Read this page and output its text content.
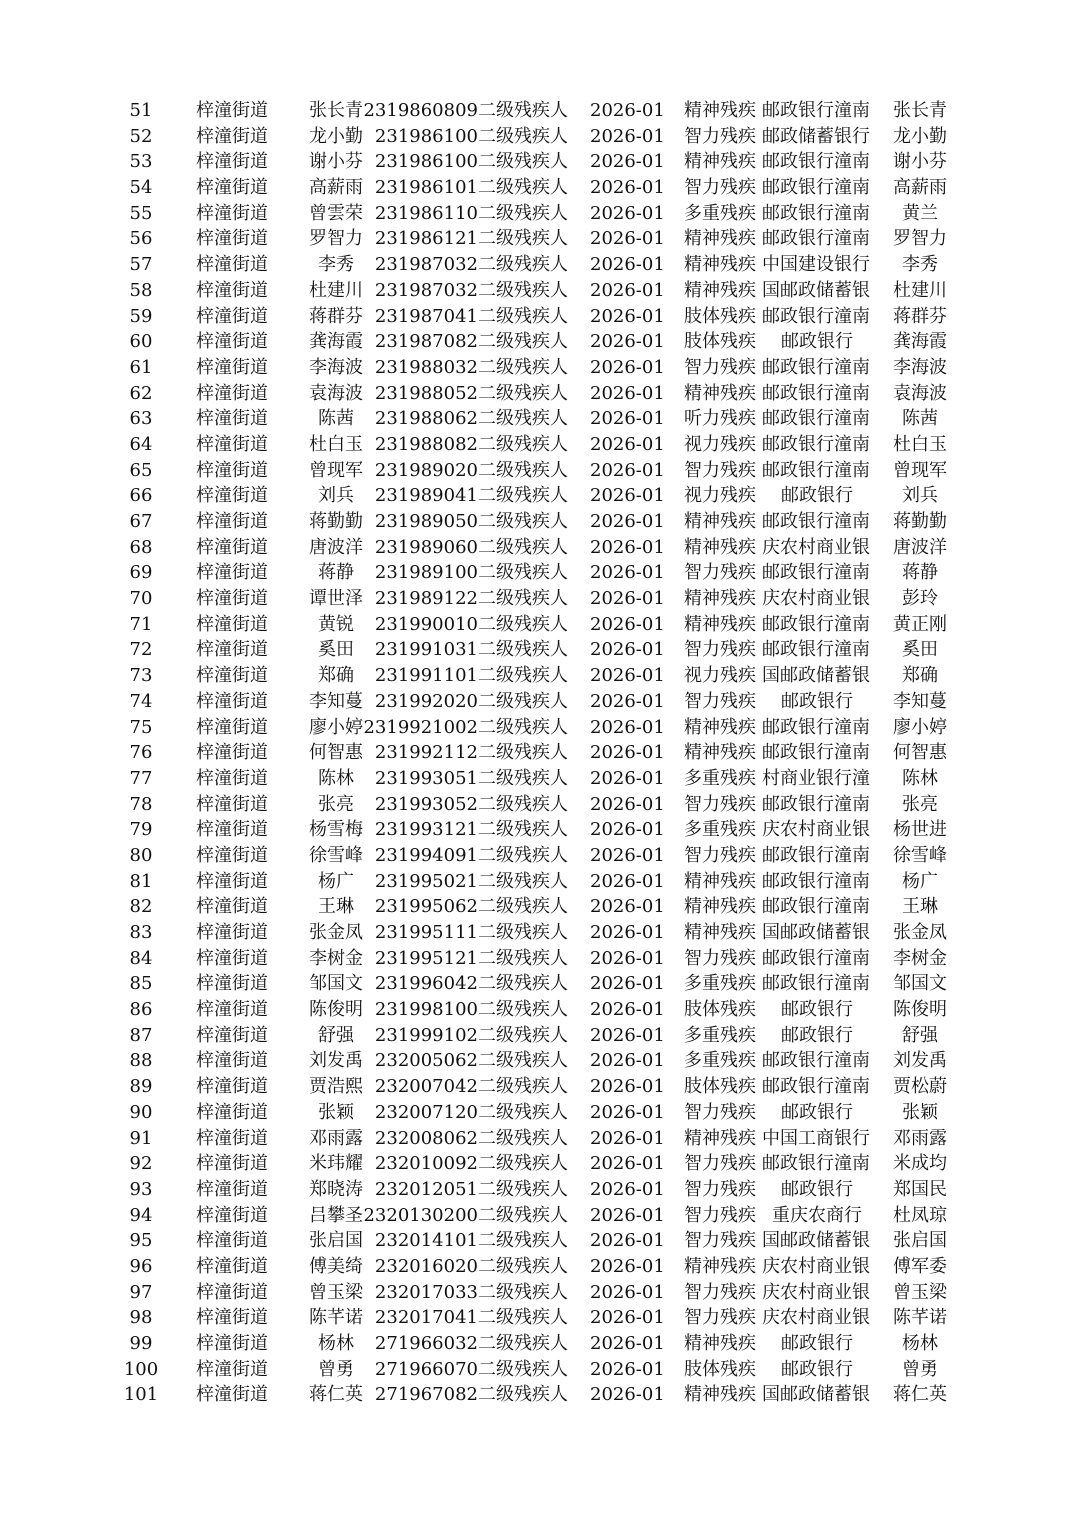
51	梓潼街道	张长青 2319860809 二级残疾人	2026-01 精神残疾 邮政银行潼南	张长青
52	梓潼街道	龙小勤 231986100 二级残疾人	2026-01 智力残疾 邮政储蓄银行	龙小勤
53	梓潼街道	谢小芬 231986100 二级残疾人	2026-01 精神残疾 邮政银行潼南	谢小芬
54	梓潼街道	高薪雨 231986101 二级残疾人	2026-01 智力残疾 邮政银行潼南	高薪雨
55	梓潼街道	曾雲荣 231986110 二级残疾人	2026-01 多重残疾 邮政银行潼南	黄兰
56	梓潼街道	罗智力 231986121 二级残疾人	2026-01 精神残疾 邮政银行潼南	罗智力
57	梓潼街道	李秀	231987032 二级残疾人	2026-01 精神残疾 中国建设银行	李秀
58	梓潼街道	杜建川 231987032 二级残疾人	2026-01 精神残疾 国邮政储蓄银	杜建川
59	梓潼街道	蒋群芬 231987041 二级残疾人	2026-01 肢体残疾 邮政银行潼南	蒋群芬
60	梓潼街道	龚海霞 231987082 二级残疾人	2026-01 肢体残疾	邮政银行	龚海霞
61	梓潼街道	李海波 231988032 二级残疾人	2026-01 智力残疾 邮政银行潼南	李海波
62	梓潼街道	袁海波 231988052 二级残疾人	2026-01 精神残疾 邮政银行潼南	袁海波
63	梓潼街道	陈茜	231988062 二级残疾人	2026-01 听力残疾 邮政银行潼南	陈茜
64	梓潼街道	杜白玉 231988082 二级残疾人	2026-01 视力残疾 邮政银行潼南	杜白玉
65	梓潼街道	曾现军 231989020 二级残疾人	2026-01 智力残疾 邮政银行潼南	曾现军
66	梓潼街道	刘兵	231989041 二级残疾人	2026-01 视力残疾	邮政银行	刘兵
67	梓潼街道	蒋勤勤 231989050 二级残疾人	2026-01 精神残疾 邮政银行潼南	蒋勤勤
68	梓潼街道	唐波洋 231989060 二级残疾人	2026-01 精神残疾 庆农村商业银	唐波洋
69	梓潼街道	蒋静	231989100 二级残疾人	2026-01 智力残疾 邮政银行潼南	蒋静
70	梓潼街道	谭世泽 231989122 二级残疾人	2026-01 精神残疾 庆农村商业银	彭玲
71	梓潼街道	黄锐	231990010 二级残疾人	2026-01 精神残疾 邮政银行潼南	黄正刚
72	梓潼街道	奚田	231991031 二级残疾人	2026-01 智力残疾 邮政银行潼南	奚田
73	梓潼街道	郑确	231991101 二级残疾人	2026-01 视力残疾 国邮政储蓄银	郑确
74	梓潼街道	李知蔓 231992020 二级残疾人	2026-01 智力残疾	邮政银行	李知蔓
75	梓潼街道	廖小婷 2319921002 二级残疾人	2026-01 精神残疾 邮政银行潼南	廖小婷
76	梓潼街道	何智惠 231992112 二级残疾人	2026-01 精神残疾 邮政银行潼南	何智惠
77	梓潼街道	陈林	231993051 二级残疾人	2026-01 多重残疾 村商业银行潼	陈林
78	梓潼街道	张亮	231993052 二级残疾人	2026-01 智力残疾 邮政银行潼南	张亮
79	梓潼街道	杨雪梅 231993121 二级残疾人	2026-01 多重残疾 庆农村商业银	杨世进
80	梓潼街道	徐雪峰 231994091 二级残疾人	2026-01 智力残疾 邮政银行潼南	徐雪峰
81	梓潼街道	杨广	231995021 二级残疾人	2026-01 精神残疾 邮政银行潼南	杨广
82	梓潼街道	王琳	231995062 二级残疾人	2026-01 精神残疾 邮政银行潼南	王琳
83	梓潼街道	张金凤 231995111 二级残疾人	2026-01 精神残疾 国邮政储蓄银	张金凤
84	梓潼街道	李树金 231995121 二级残疾人	2026-01 智力残疾 邮政银行潼南	李树金
85	梓潼街道	邹国文 231996042 二级残疾人	2026-01 多重残疾 邮政银行潼南	邹国文
86	梓潼街道	陈俊明 231998100 二级残疾人	2026-01 肢体残疾	邮政银行	陈俊明
87	梓潼街道	舒强	231999102 二级残疾人	2026-01 多重残疾	邮政银行	舒强
88	梓潼街道	刘发禹 232005062 二级残疾人	2026-01 多重残疾 邮政银行潼南	刘发禹
89	梓潼街道	贾浩熙 232007042 二级残疾人	2026-01 肢体残疾 邮政银行潼南	贾松蔚
90	梓潼街道	张颖	232007120 二级残疾人	2026-01 智力残疾	邮政银行	张颖
91	梓潼街道	邓雨露 232008062 二级残疾人	2026-01 精神残疾 中国工商银行	邓雨露
92	梓潼街道	米玮耀 232010092 二级残疾人	2026-01 智力残疾 邮政银行潼南	米成均
93	梓潼街道	郑晓涛 232012051 二级残疾人	2026-01 智力残疾	邮政银行	郑国民
94	梓潼街道	吕攀圣 2320130200 二级残疾人	2026-01 智力残疾 重庆农商行	杜凤琼
95	梓潼街道	张启国 232014101 二级残疾人	2026-01 智力残疾 国邮政储蓄银	张启国
96	梓潼街道	傅美绮 232016020 二级残疾人	2026-01 精神残疾 庆农村商业银	傅军委
97	梓潼街道	曾玉梁 232017033 二级残疾人	2026-01 智力残疾 庆农村商业银	曾玉梁
98	梓潼街道	陈芊诺 232017041 二级残疾人	2026-01 智力残疾 庆农村商业银	陈芊诺
99	梓潼街道	杨林	271966032 二级残疾人	2026-01 精神残疾	邮政银行	杨林
100	梓潼街道	曾勇	271966070 二级残疾人	2026-01 肢体残疾	邮政银行	曾勇
101	梓潼街道	蒋仁英 271967082 二级残疾人	2026-01 精神残疾 国邮政储蓄银	蒋仁英
